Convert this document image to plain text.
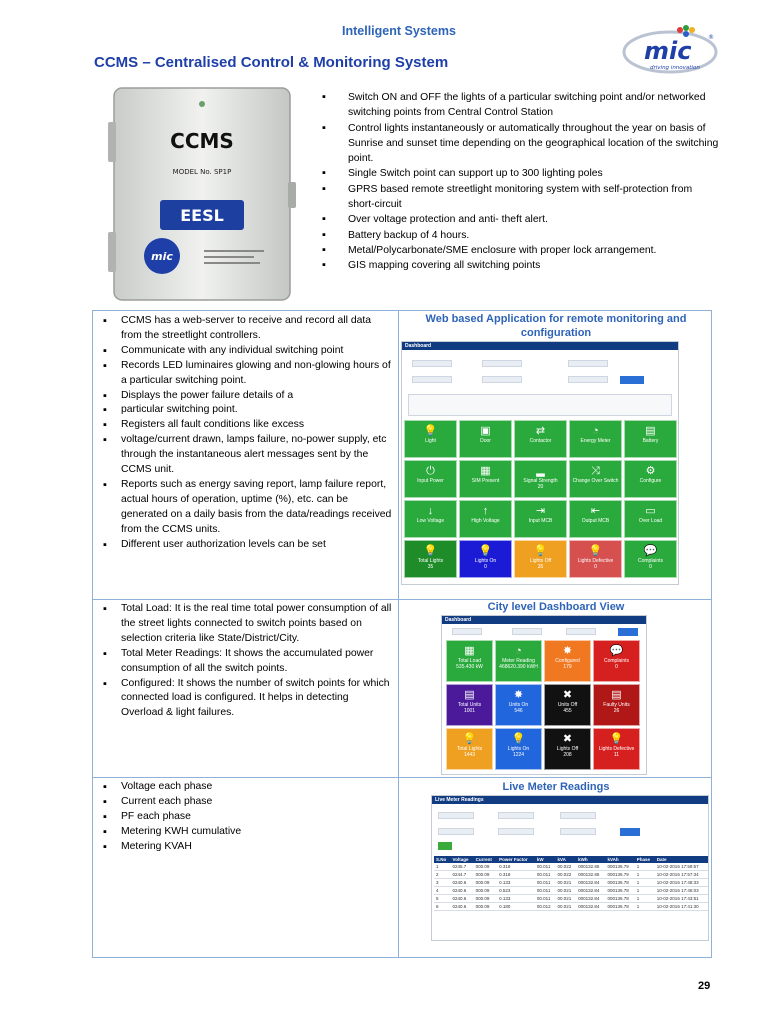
Intelligent Systems
CCMS – Centralised Control & Monitoring System	mic
driving innovation
®
CCMS
MODEL No. SP1P
EESL
mic
▪ Switch ON and OFF the lights of a particular switching point and/or networked switching points from Central Control Station
▪ Control lights instantaneously or automatically throughout the year on basis of Sunrise and sunset time depending on the geographical location of the switching point.
▪ Single Switch point can support up to 300 lighting poles
▪ GPRS based remote streetlight monitoring system with self-protection from short-circuit
▪ Over voltage protection and anti- theft alert.
▪ Battery backup of 4 hours.
▪ Metal/Polycarbonate/SME enclosure with proper lock arrangement.
▪ GIS mapping covering all switching points
▪ CCMS has a web-server to receive and record all data from the streetlight controllers.
▪ Communicate with any individual switching point
▪ Records LED luminaires glowing and non-glowing hours of a particular switching point.
▪ Displays the power failure details of a
▪ particular switching point.
▪ Registers all fault conditions like excess
▪ voltage/current drawn, lamps failure, no-power supply, etc through the instantaneous alert messages sent by the CCMS unit.
▪ Reports such as energy saving report, lamp failure report, actual hours of operation, uptime (%), etc. can be generated on a daily basis from the data/readings received from the CCMS units.
▪ Different user authorization levels can be set
Web based Application for remote monitoring and configuration
Dashboard
💡
Light
▣
Door
⇄
Contactor
◔
Energy Meter
▤
Battery
⏻
Input Power
▦
SIM Present
▂
Signal Strength
20
⤨
Change Over Switch
⚙
Configure
↓
Low Voltage
↑
High Voltage
⇥
Input MCB
⇤
Output MCB
▭
Over Load
💡
Total Lights
35
💡
Lights On
0
💡
Lights Off
35
💡
Lights Defective
0
💬
Complaints
0
▪ Total Load: It is the real time total power consumption of all the street lights connected to switch points based on selection criteria like State/District/City.
▪ Total Meter Readings: It shows the accumulated power consumption of all the switch points.
▪ Configured: It shows the number of switch points for which connected load is configured. It helps in detecting Overload & light failures.
City level Dashboard View
Dashboard
▦
Total Load
535.430 kW
◔
Meter Reading
468620.390 kWH
✸
Configured
179
💬
Complaints
0
▤
Total Units
1001
✸
Units On
546
✖
Units Off
455
▤
Faulty Units
26
💡
Total Lights
1443
💡
Lights On
1224
✖
Lights Off
208
💡
Lights Defective
11
▪ Voltage each phase
▪ Current each phase
▪ PF each phase
▪ Metering KWH cumulative
▪ Metering KVAH
Live Meter Readings
Live Meter Readings
S.No	Voltage	Current	Power Factor	kW	kVA	kWh	kVAh	Phase	Date
1	0245.7	000.09	0.318	00.011	00.022	000132.85	000136.79	1	10-02-2016 17:59:57
2	0244.7	000.09	0.318	00.011	00.022	000132.85	000136.79	1	10-02-2016 17:57:34
3	0240.6	000.09	0.133	00.011	00.021	000132.84	000136.78	1	10-02-2016 17:48:33
4	0240.6	000.09	0.523	00.011	00.021	000132.84	000136.78	1	10-02-2016 17:46:03
5	0240.6	000.09	0.133	00.011	00.021	000132.84	000136.78	1	10-02-2016 17:43:51
6	0240.6	000.09	0.180	00.012	00.021	000132.84	000136.78	1	10-02-2016 17:41:30
29
